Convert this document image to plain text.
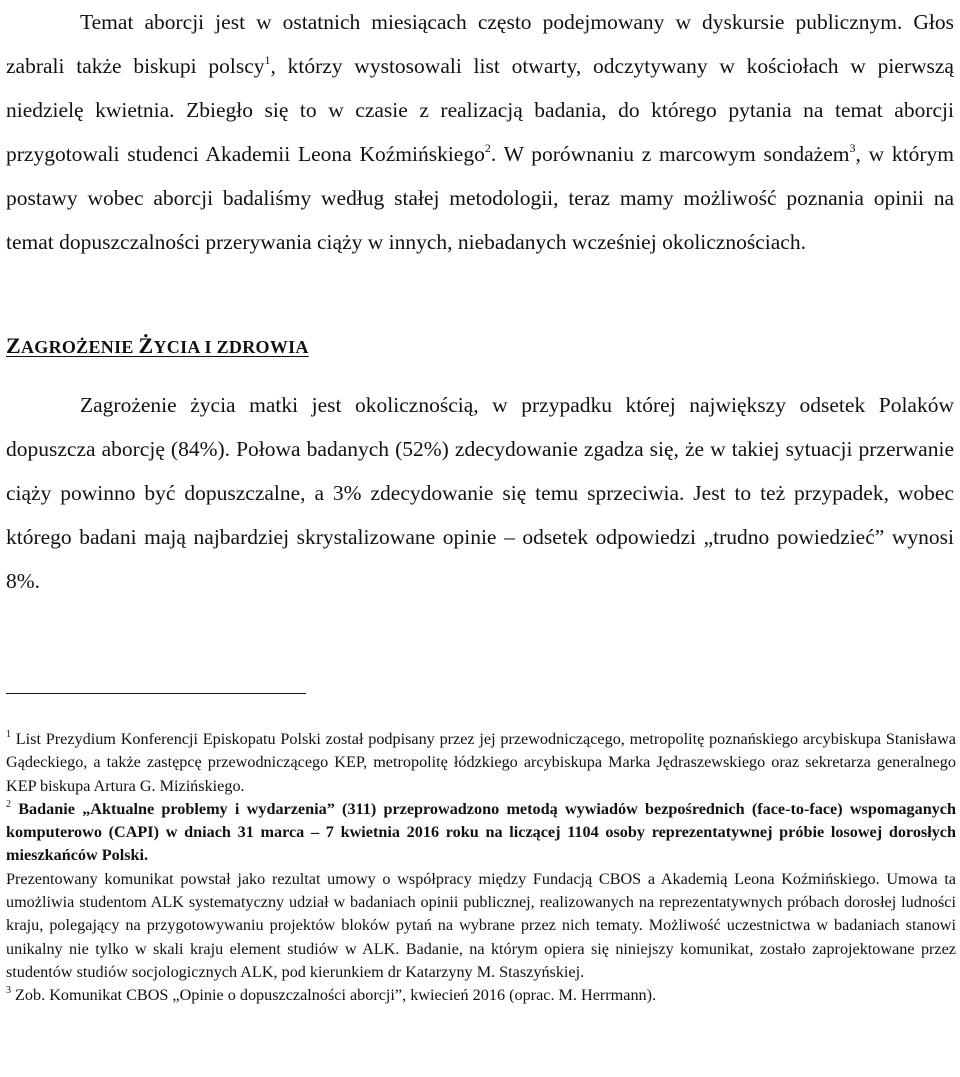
Temat aborcji jest w ostatnich miesiącach często podejmowany w dyskursie publicznym. Głos zabrali także biskupi polscy$^1$, którzy wystosowali list otwarty, odczytywany w kościołach w pierwszą niedzielę kwietnia. Zbiegło się to w czasie z realizacją badania, do którego pytania na temat aborcji przygotowali studenci Akademii Leona Koźmińskiego$^2$. W porównaniu z marcowym sondażem$^3$, w którym postawy wobec aborcji badaliśmy według stałej metodologii, teraz mamy możliwość poznania opinii na temat dopuszczalności przerywania ciąży w innych, niebadanych wcześniej okolicznościach.

ZAGROŻENIE ŻYCIA I ZDROWIA

Zagrożenie życia matki jest okolicznością, w przypadku której największy odsetek Polaków dopuszcza aborcję (84%). Połowa badanych (52%) zdecydowanie zgadza się, że w takiej sytuacji przerwanie ciąży powinno być dopuszczalne, a 3% zdecydowanie się temu sprzeciwia. Jest to też przypadek, wobec którego badani mają najbardziej skrystalizowane opinie – odsetek odpowiedzi „trudno powiedzieć” wynosi 8%.

$^1$ List Prezydium Konferencji Episkopatu Polski został podpisany przez jej przewodniczącego, metropolitę poznańskiego arcybiskupa Stanisława Gądeckiego, a także zastępcę przewodniczącego KEP, metropolitę łódzkiego arcybiskupa Marka Jędraszewskiego oraz sekretarza generalnego KEP biskupa Artura G. Mizińskiego.

$^2$ Badanie „Aktualne problemy i wydarzenia” (311) przeprowadzono metodą wywiadów bezpośrednich (face-to-face) wspomaganych komputerowo (CAPI) w dniach 31 marca – 7 kwietnia 2016 roku na liczącej 1104 osoby reprezentatywnej próbie losowej dorosłych mieszkańców Polski.

Prezentowany komunikat powstał jako rezultat umowy o współpracy między Fundacją CBOS a Akademią Leona Koźmińskiego. Umowa ta umożliwia studentom ALK systematyczny udział w badaniach opinii publicznej, realizowanych na reprezentatywnych próbach dorosłej ludności kraju, polegający na przygotowywaniu projektów bloków pytań na wybrane przez nich tematy. Możliwość uczestnictwa w badaniach stanowi unikalny nie tylko w skali kraju element studiów w ALK. Badanie, na którym opiera się niniejszy komunikat, zostało zaprojektowane przez studentów studiów socjologicznych ALK, pod kierunkiem dr Katarzyny M. Staszyńskiej.

$^3$ Zob. Komunikat CBOS „Opinie o dopuszczalności aborcji”, kwiecień 2016 (oprac. M. Herrmann).
